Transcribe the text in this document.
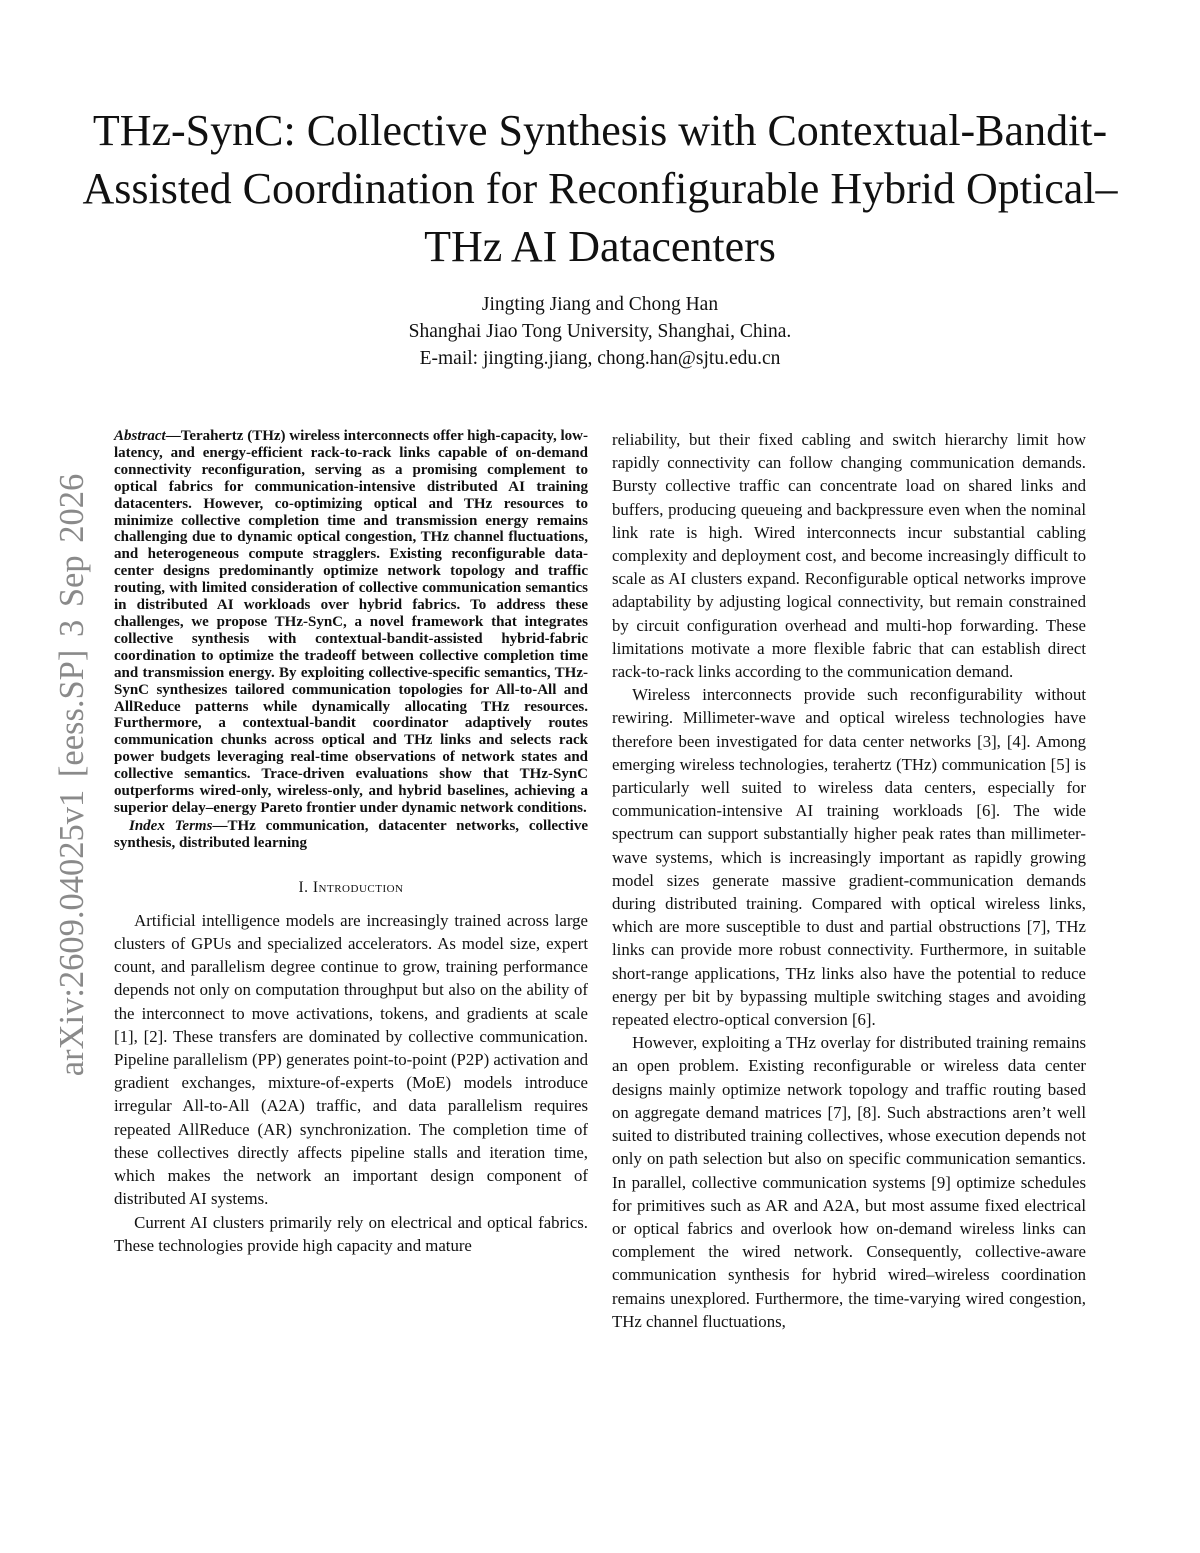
THz-SynC: Collective Synthesis with Contextual-Bandit-Assisted Coordination for Reconfigurable Hybrid Optical–THz AI Datacenters
Jingting Jiang and Chong Han
Shanghai Jiao Tong University, Shanghai, China.
E-mail: jingting.jiang, chong.han@sjtu.edu.cn
arXiv:2609.04025v1 [eess.SP] 3 Sep 2026

Abstract—Terahertz (THz) wireless interconnects offer high-capacity, low-latency, and energy-efficient rack-to-rack links capable of on-demand connectivity reconfiguration, serving as a promising complement to optical fabrics for communication-intensive distributed AI training datacenters. However, co-optimizing optical and THz resources to minimize collective completion time and transmission energy remains challenging due to dynamic optical congestion, THz channel fluctuations, and heterogeneous compute stragglers. Existing reconfigurable data-center designs predominantly optimize network topology and traffic routing, with limited consideration of collective communication semantics in distributed AI workloads over hybrid fabrics. To address these challenges, we propose THz-SynC, a novel framework that integrates collective synthesis with contextual-bandit-assisted hybrid-fabric coordination to optimize the tradeoff between collective completion time and transmission energy. By exploiting collective-specific semantics, THz-SynC synthesizes tailored communication topologies for All-to-All and AllReduce patterns while dynamically allocating THz resources. Furthermore, a contextual-bandit coordinator adaptively routes communication chunks across optical and THz links and selects rack power budgets leveraging real-time observations of network states and collective semantics. Trace-driven evaluations show that THz-SynC outperforms wired-only, wireless-only, and hybrid baselines, achieving a superior delay–energy Pareto frontier under dynamic network conditions.

Index Terms—THz communication, datacenter networks, collective synthesis, distributed learning

I. Introduction

Artificial intelligence models are increasingly trained across large clusters of GPUs and specialized accelerators. As model size, expert count, and parallelism degree continue to grow, training performance depends not only on computation throughput but also on the ability of the interconnect to move activations, tokens, and gradients at scale [1], [2]. These transfers are dominated by collective communication. Pipeline parallelism (PP) generates point-to-point (P2P) activation and gradient exchanges, mixture-of-experts (MoE) models introduce irregular All-to-All (A2A) traffic, and data parallelism requires repeated AllReduce (AR) synchronization. The completion time of these collectives directly affects pipeline stalls and iteration time, which makes the network an important design component of distributed AI systems.

Current AI clusters primarily rely on electrical and optical fabrics. These technologies provide high capacity and mature

reliability, but their fixed cabling and switch hierarchy limit how rapidly connectivity can follow changing communication demands. Bursty collective traffic can concentrate load on shared links and buffers, producing queueing and backpressure even when the nominal link rate is high. Wired interconnects incur substantial cabling complexity and deployment cost, and become increasingly difficult to scale as AI clusters expand. Reconfigurable optical networks improve adaptability by adjusting logical connectivity, but remain constrained by circuit configuration overhead and multi-hop forwarding. These limitations motivate a more flexible fabric that can establish direct rack-to-rack links according to the communication demand.

Wireless interconnects provide such reconfigurability without rewiring. Millimeter-wave and optical wireless technologies have therefore been investigated for data center networks [3], [4]. Among emerging wireless technologies, terahertz (THz) communication [5] is particularly well suited to wireless data centers, especially for communication-intensive AI training workloads [6]. The wide spectrum can support substantially higher peak rates than millimeter-wave systems, which is increasingly important as rapidly growing model sizes generate massive gradient-communication demands during distributed training. Compared with optical wireless links, which are more susceptible to dust and partial obstructions [7], THz links can provide more robust connectivity. Furthermore, in suitable short-range applications, THz links also have the potential to reduce energy per bit by bypassing multiple switching stages and avoiding repeated electro-optical conversion [6].

However, exploiting a THz overlay for distributed training remains an open problem. Existing reconfigurable or wireless data center designs mainly optimize network topology and traffic routing based on aggregate demand matrices [7], [8]. Such abstractions aren’t well suited to distributed training collectives, whose execution depends not only on path selection but also on specific communication semantics. In parallel, collective communication systems [9] optimize schedules for primitives such as AR and A2A, but most assume fixed electrical or optical fabrics and overlook how on-demand wireless links can complement the wired network. Consequently, collective-aware communication synthesis for hybrid wired–wireless coordination remains unexplored. Furthermore, the time-varying wired congestion, THz channel fluctuations,
